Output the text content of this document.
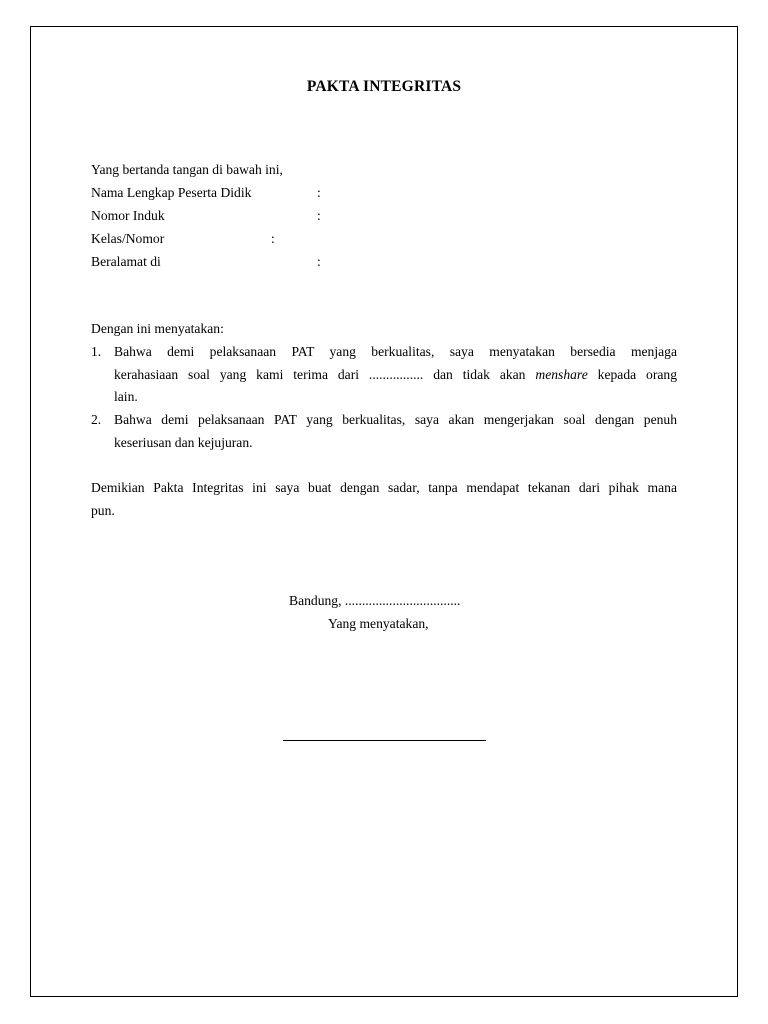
PAKTA INTEGRITAS
Yang bertanda tangan di bawah ini,
Nama Lengkap Peserta Didik	:
Nomor Induk	:
Kelas/Nomor	:
Beralamat di	:
Dengan ini menyatakan:
1. Bahwa demi pelaksanaan PAT yang berkualitas, saya menyatakan bersedia menjaga
kerahasiaan soal yang kami terima dari ................ dan tidak akan menshare kepada orang
lain.
2. Bahwa demi pelaksanaan PAT yang berkualitas, saya akan mengerjakan soal dengan penuh
keseriusan dan kejujuran.
Demikian Pakta Integritas ini saya buat dengan sadar, tanpa mendapat tekanan dari pihak mana
pun.
Bandung, ..................................
Yang menyatakan,
